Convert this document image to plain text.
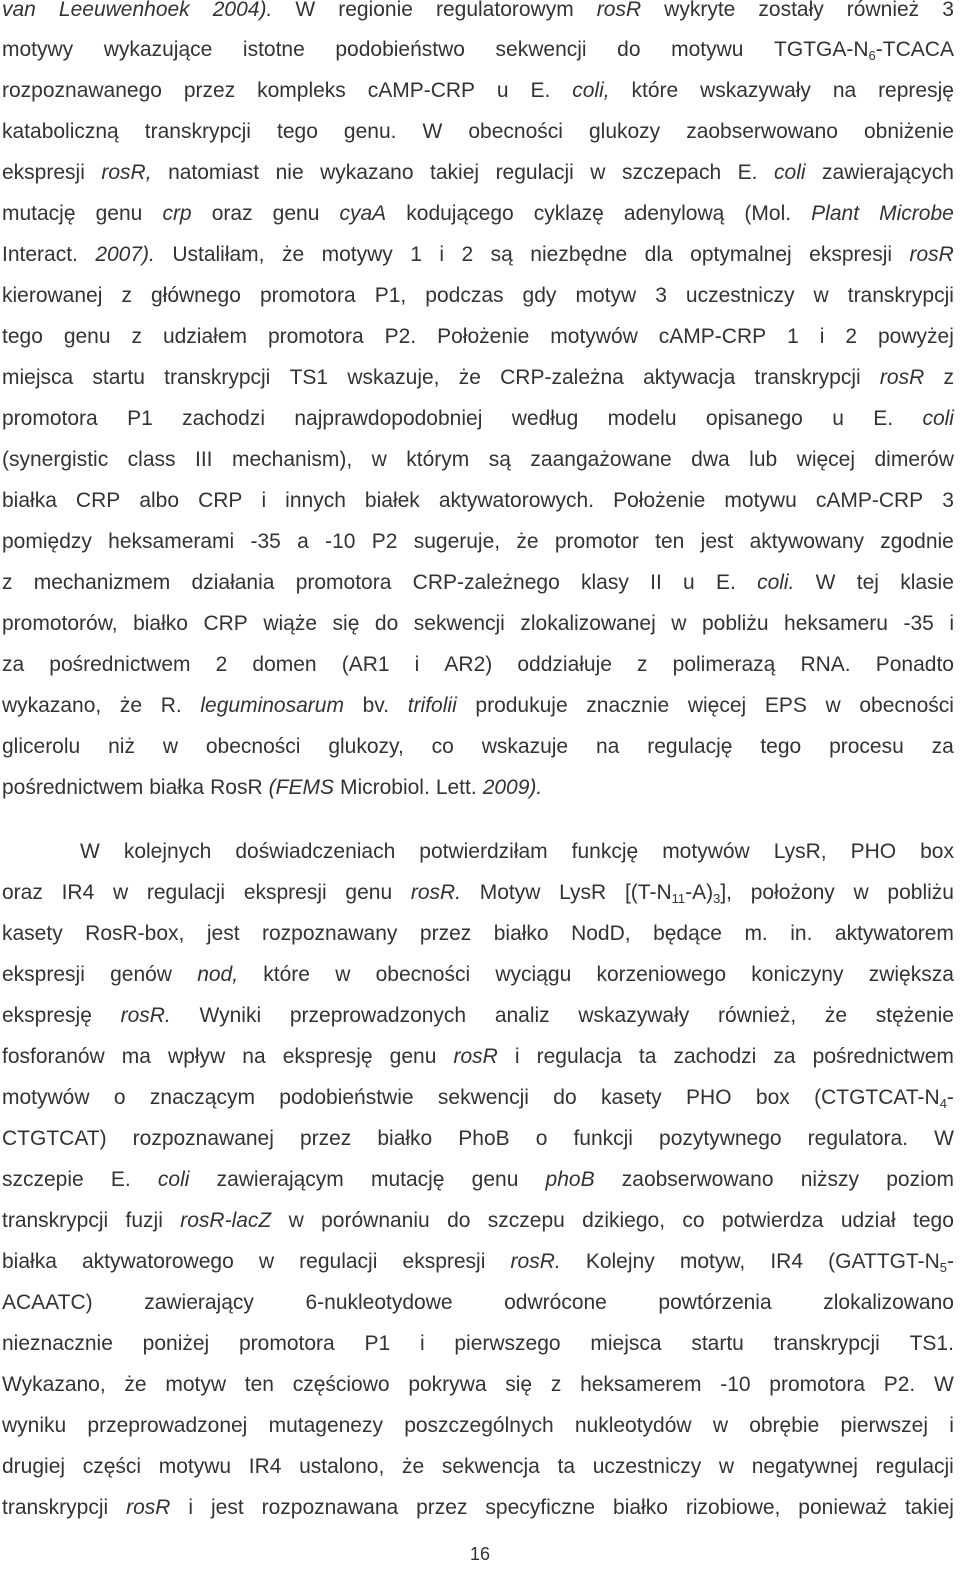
van Leeuwenhoek 2004). W regionie regulatorowym rosR wykryte zostały również 3
motywy wykazujące istotne podobieństwo sekwencji do motywu TGTGA-$N_6$-TCACA
rozpoznawanego przez kompleks cAMP-CRP u E. coli, które wskazywały na represję
kataboliczną transkrypcji tego genu. W obecności glukozy zaobserwowano obniżenie
ekspresji rosR, natomiast nie wykazano takiej regulacji w szczepach E. coli zawierających
mutację genu crp oraz genu cyaA kodującego cyklazę adenylową (Mol. Plant Microbe
Interact. 2007). Ustaliłam, że motywy 1 i 2 są niezbędne dla optymalnej ekspresji rosR
kierowanej z głównego promotora P1, podczas gdy motyw 3 uczestniczy w transkrypcji
tego genu z udziałem promotora P2. Położenie motywów cAMP-CRP 1 i 2 powyżej
miejsca startu transkrypcji TS1 wskazuje, że CRP-zależna aktywacja transkrypcji rosR z
promotora P1 zachodzi najprawdopodobniej według modelu opisanego u E. coli
(synergistic class III mechanism), w którym są zaangażowane dwa lub więcej dimerów
białka CRP albo CRP i innych białek aktywatorowych. Położenie motywu cAMP-CRP 3
pomiędzy heksamerami -35 a -10 P2 sugeruje, że promotor ten jest aktywowany zgodnie
z mechanizmem działania promotora CRP-zależnego klasy II u E. coli. W tej klasie
promotorów, białko CRP wiąże się do sekwencji zlokalizowanej w pobliżu heksameru -35 i
za pośrednictwem 2 domen (AR1 i AR2) oddziałuje z polimerazą RNA. Ponadto
wykazano, że R. leguminosarum bv. trifolii produkuje znacznie więcej EPS w obecności
glicerolu niż w obecności glukozy, co wskazuje na regulację tego procesu za
pośrednictwem białka RosR (FEMS Microbiol. Lett. 2009).
W kolejnych doświadczeniach potwierdziłam funkcję motywów LysR, PHO box
oraz IR4 w regulacji ekspresji genu rosR. Motyw LysR $[(T-N_{11}-A)_3]$, położony w pobliżu
kasety RosR-box, jest rozpoznawany przez białko NodD, będące m. in. aktywatorem
ekspresji genów nod, które w obecności wyciągu korzeniowego koniczyny zwiększa
ekspresję rosR. Wyniki przeprowadzonych analiz wskazywały również, że stężenie
fosforanów ma wpływ na ekspresję genu rosR i regulacja ta zachodzi za pośrednictwem
motywów o znaczącym podobieństwie sekwencji do kasety PHO box ($CTGTCAT-N_4-$
CTGTCAT) rozpoznawanej przez białko PhoB o funkcji pozytywnego regulatora. W
szczepie E. coli zawierającym mutację genu phoB zaobserwowano niższy poziom
transkrypcji fuzji rosR-lacZ w porównaniu do szczepu dzikiego, co potwierdza udział tego
białka aktywatorowego w regulacji ekspresji rosR. Kolejny motyw, IR4 ($GATTGT-N_5-$
ACAATC) zawierający 6-nukleotydowe odwrócone powtórzenia zlokalizowano
nieznacznie poniżej promotora P1 i pierwszego miejsca startu transkrypcji TS1.
Wykazano, że motyw ten częściowo pokrywa się z heksamerem -10 promotora P2. W
wyniku przeprowadzonej mutagenezy poszczególnych nukleotydów w obrębie pierwszej i
drugiej części motywu IR4 ustalono, że sekwencja ta uczestniczy w negatywnej regulacji
transkrypcji rosR i jest rozpoznawana przez specyficzne białko rizobiowe, ponieważ takiej
16
